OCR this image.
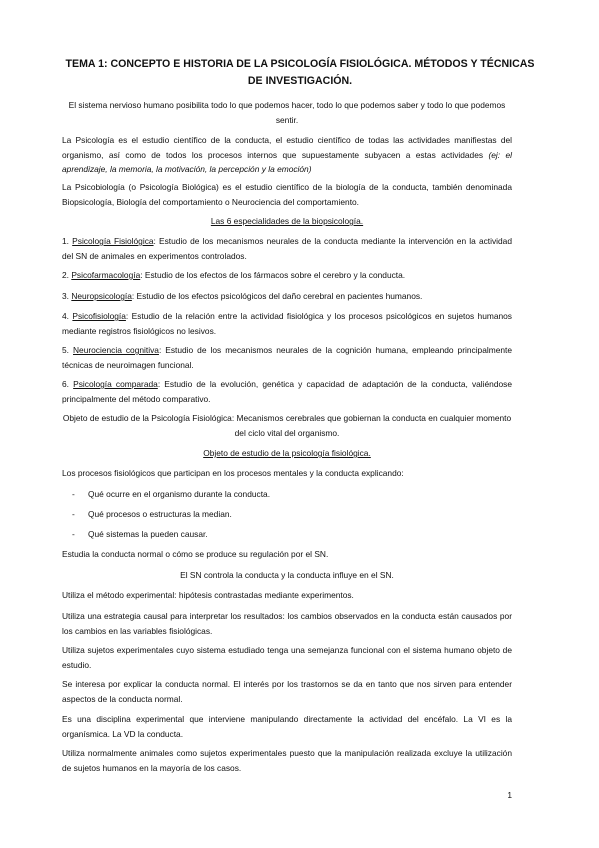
TEMA 1: CONCEPTO E HISTORIA DE LA PSICOLOGÍA FISIOLÓGICA. MÉTODOS Y TÉCNICAS DE INVESTIGACIÓN.

El sistema nervioso humano posibilita todo lo que podemos hacer, todo lo que podemos saber y todo lo que podemos sentir.

La Psicología es el estudio científico de la conducta, el estudio científico de todas las actividades manifiestas del organismo, así como de todos los procesos internos que supuestamente subyacen a estas actividades (ej: el aprendizaje, la memoria, la motivación, la percepción y la emoción)

La Psicobiología (o Psicología Biológica) es el estudio científico de la biología de la conducta, también denominada Biopsicología, Biología del comportamiento o Neurociencia del comportamiento.

Las 6 especialidades de la biopsicología.

1. Psicología Fisiológica: Estudio de los mecanismos neurales de la conducta mediante la intervención en la actividad del SN de animales en experimentos controlados.

2. Psicofarmacología: Estudio de los efectos de los fármacos sobre el cerebro y la conducta.

3. Neuropsicología: Estudio de los efectos psicológicos del daño cerebral en pacientes humanos.

4. Psicofisiología: Estudio de la relación entre la actividad fisiológica y los procesos psicológicos en sujetos humanos mediante registros fisiológicos no lesivos.

5. Neurociencia cognitiva: Estudio de los mecanismos neurales de la cognición humana, empleando principalmente técnicas de neuroimagen funcional.

6. Psicología comparada: Estudio de la evolución, genética y capacidad de adaptación de la conducta, valiéndose principalmente del método comparativo.

Objeto de estudio de la Psicología Fisiológica: Mecanismos cerebrales que gobiernan la conducta en cualquier momento del ciclo vital del organismo.

Objeto de estudio de la psicología fisiológica.

Los procesos fisiológicos que participan en los procesos mentales y la conducta explicando:

- Qué ocurre en el organismo durante la conducta.
- Qué procesos o estructuras la median.
- Qué sistemas la pueden causar.

Estudia la conducta normal o cómo se produce su regulación por el SN.

El SN controla la conducta y la conducta influye en el SN.

Utiliza el método experimental: hipótesis contrastadas mediante experimentos.

Utiliza una estrategia causal para interpretar los resultados: los cambios observados en la conducta están causados por los cambios en las variables fisiológicas.

Utiliza sujetos experimentales cuyo sistema estudiado tenga una semejanza funcional con el sistema humano objeto de estudio.

Se interesa por explicar la conducta normal. El interés por los trastornos se da en tanto que nos sirven para entender aspectos de la conducta normal.

Es una disciplina experimental que interviene manipulando directamente la actividad del encéfalo. La VI es la organísmica. La VD la conducta.

Utiliza normalmente animales como sujetos experimentales puesto que la manipulación realizada excluye la utilización de sujetos humanos en la mayoría de los casos.

1
